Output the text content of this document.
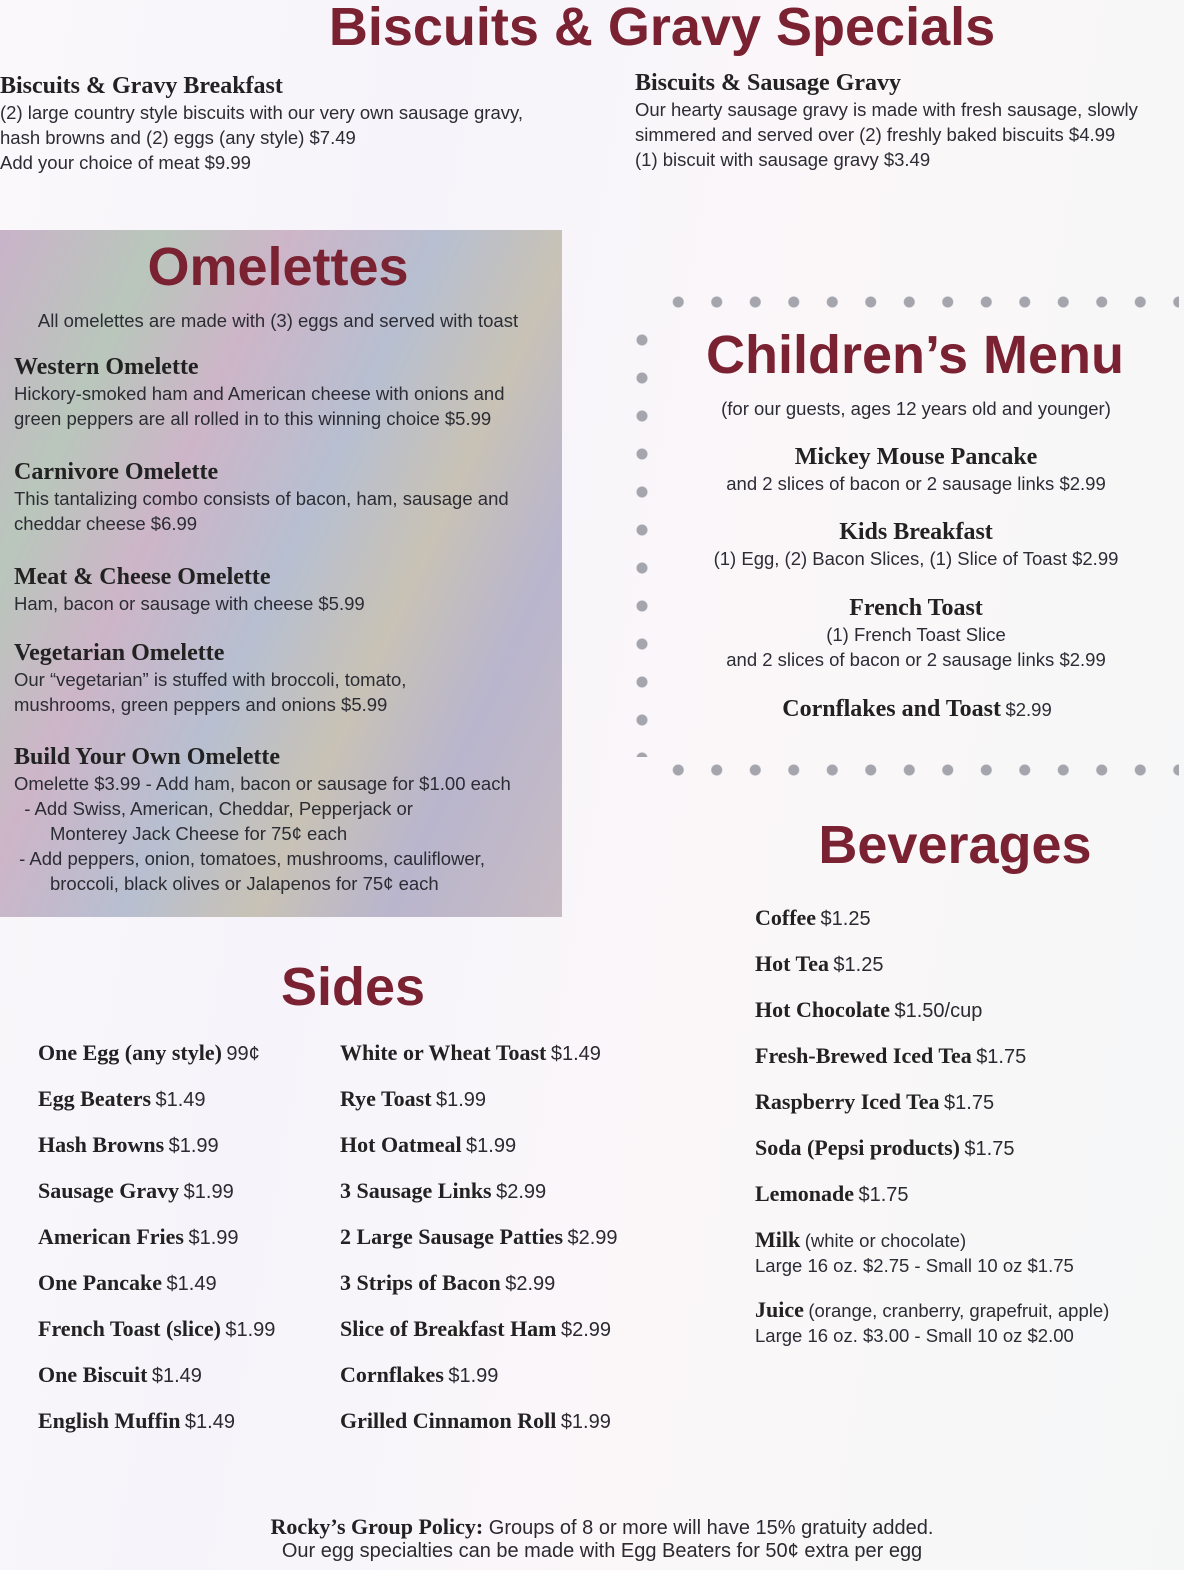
Biscuits & Gravy Specials
Biscuits & Gravy Breakfast
(2) large country style biscuits with our very own sausage gravy,
hash browns and (2) eggs (any style) $7.49
Add your choice of meat $9.99
Biscuits & Sausage Gravy
Our hearty sausage gravy is made with fresh sausage, slowly
simmered and served over (2) freshly baked biscuits $4.99
(1) biscuit with sausage gravy $3.49
Omelettes
All omelettes are made with (3) eggs and served with toast
Western Omelette
Hickory-smoked ham and American cheese with onions and
green peppers are all rolled in to this winning choice $5.99
Carnivore Omelette
This tantalizing combo consists of bacon, ham, sausage and
cheddar cheese $6.99
Meat & Cheese Omelette
Ham, bacon or sausage with cheese $5.99
Vegetarian Omelette
Our “vegetarian” is stuffed with broccoli, tomato,
mushrooms, green peppers and onions $5.99
Build Your Own Omelette
Omelette $3.99 - Add ham, bacon or sausage for $1.00 each
- Add Swiss, American, Cheddar, Pepperjack or
Monterey Jack Cheese for 75¢ each
- Add peppers, onion, tomatoes, mushrooms, cauliflower,
broccoli, black olives or Jalapenos for 75¢ each
Children’s Menu
(for our guests, ages 12 years old and younger)
Mickey Mouse Pancake
and 2 slices of bacon or 2 sausage links $2.99
Kids Breakfast
(1) Egg, (2) Bacon Slices, (1) Slice of Toast $2.99
French Toast
(1) French Toast Slice
and 2 slices of bacon or 2 sausage links $2.99
Cornflakes and Toast $2.99
Beverages
Coffee $1.25
Hot Tea $1.25
Hot Chocolate $1.50/cup
Fresh-Brewed Iced Tea $1.75
Raspberry Iced Tea $1.75
Soda (Pepsi products) $1.75
Lemonade $1.75
Milk (white or chocolate)
Large 16 oz. $2.75 - Small 10 oz $1.75
Juice (orange, cranberry, grapefruit, apple)
Large 16 oz. $3.00 - Small 10 oz $2.00
Sides
One Egg (any style) 99¢
Egg Beaters $1.49
Hash Browns $1.99
Sausage Gravy $1.99
American Fries $1.99
One Pancake $1.49
French Toast (slice) $1.99
One Biscuit $1.49
English Muffin $1.49
White or Wheat Toast $1.49
Rye Toast $1.99
Hot Oatmeal $1.99
3 Sausage Links $2.99
2 Large Sausage Patties $2.99
3 Strips of Bacon $2.99
Slice of Breakfast Ham $2.99
Cornflakes $1.99
Grilled Cinnamon Roll $1.99
Rocky’s Group Policy: Groups of 8 or more will have 15% gratuity added.
Our egg specialties can be made with Egg Beaters for 50¢ extra per egg
